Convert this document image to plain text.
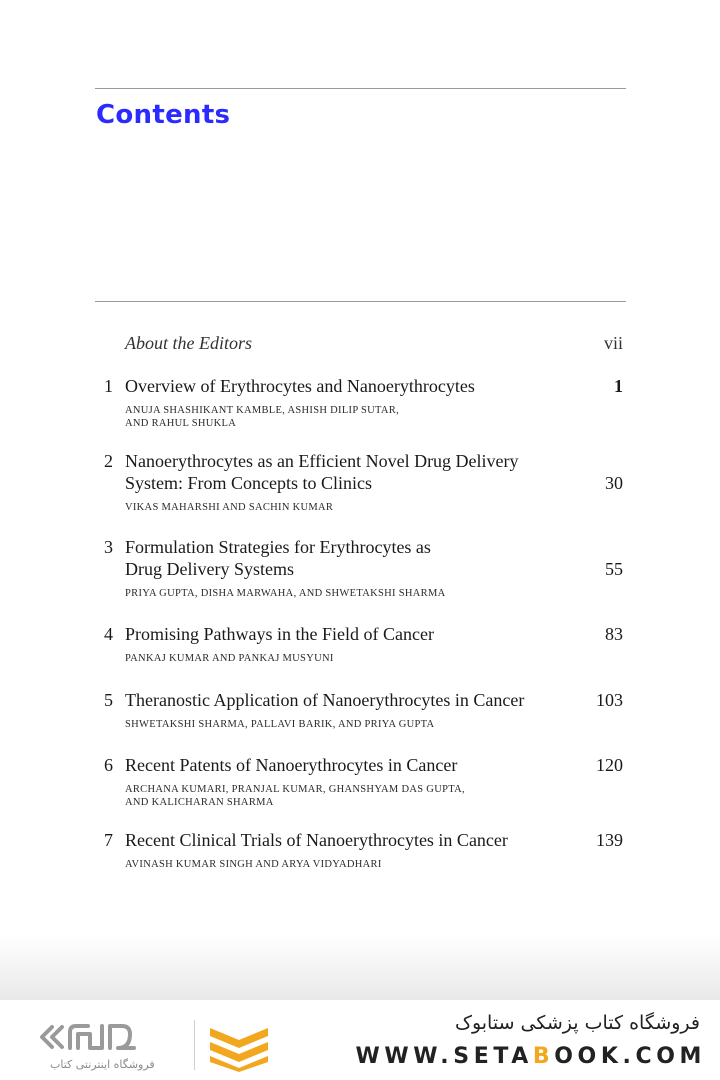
Contents
About the Editors	vii
1 Overview of Erythrocytes and Nanoerythrocytes	1
ANUJA SHASHIKANT KAMBLE, ASHISH DILIP SUTAR,
AND RAHUL SHUKLA
2 Nanoerythrocytes as an Efficient Novel Drug Delivery
System: From Concepts to Clinics	30
VIKAS MAHARSHI AND SACHIN KUMAR
3 Formulation Strategies for Erythrocytes as
Drug Delivery Systems	55
PRIYA GUPTA, DISHA MARWAHA, AND SHWETAKSHI SHARMA
4 Promising Pathways in the Field of Cancer	83
PANKAJ KUMAR AND PANKAJ MUSYUNI
5 Theranostic Application of Nanoerythrocytes in Cancer	103
SHWETAKSHI SHARMA, PALLAVI BARIK, AND PRIYA GUPTA
6 Recent Patents of Nanoerythrocytes in Cancer	120
ARCHANA KUMARI, PRANJAL KUMAR, GHANSHYAM DAS GUPTA,
AND KALICHARAN SHARMA
7 Recent Clinical Trials of Nanoerythrocytes in Cancer	139
AVINASH KUMAR SINGH AND ARYA VIDYADHARI
فروشگاه اینترنتی کتاب
فروشگاه کتاب پزشکی ستابوک
WWW.SETABOOK.COM
